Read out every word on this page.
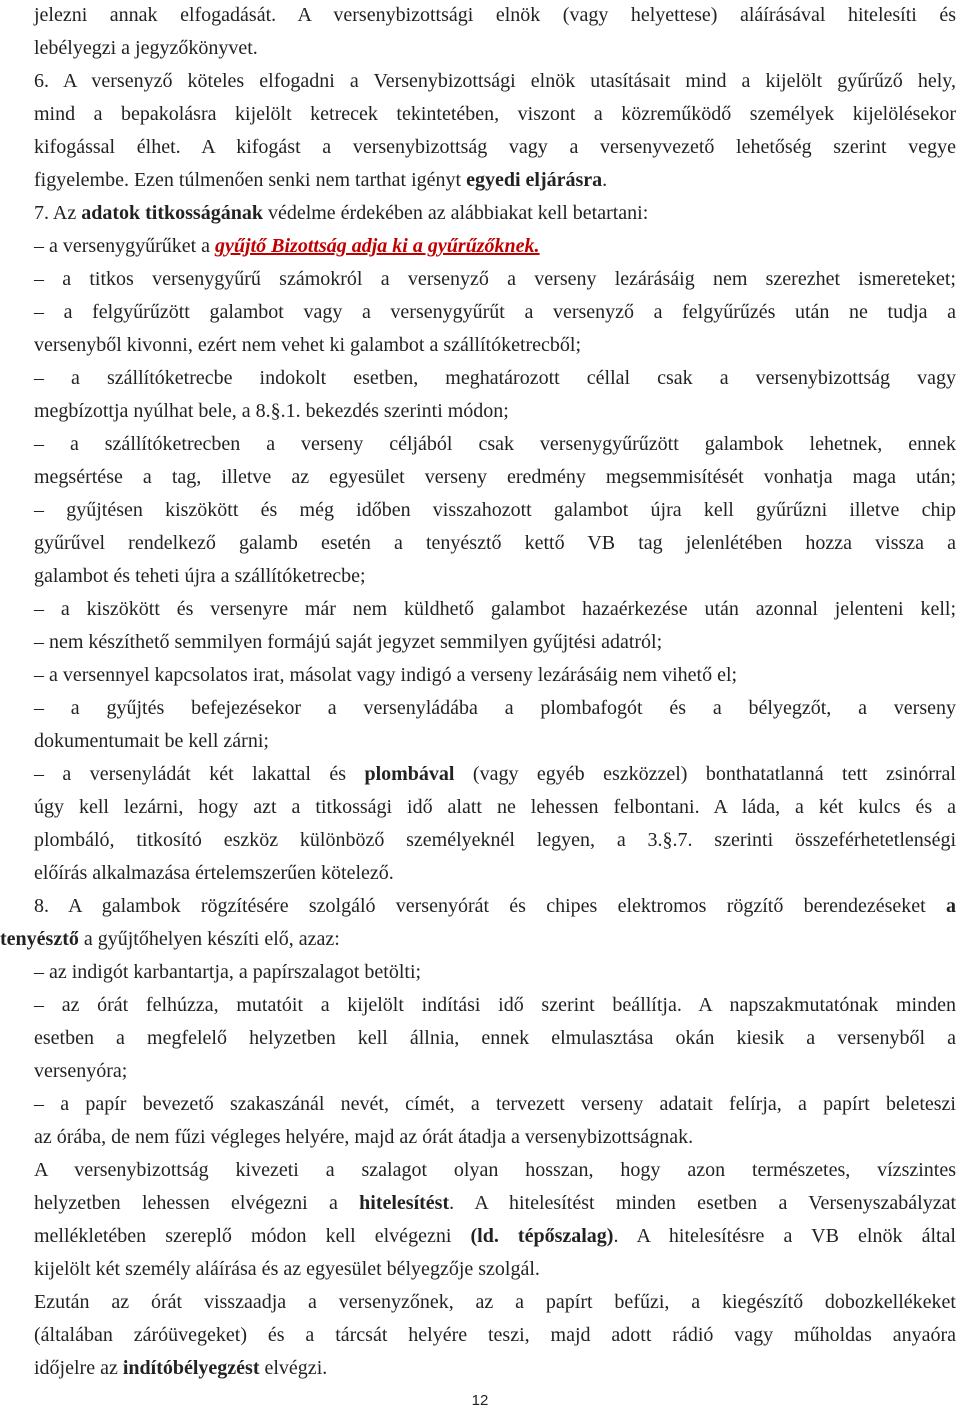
jelezni annak elfogadását. A versenybizottsági elnök (vagy helyettese) aláírásával hitelesíti és
lebélyegzi a jegyzőkönyvet.
6. A versenyző köteles elfogadni a Versenybizottsági elnök utasításait mind a kijelölt gyűrűző hely,
mind a bepakolásra kijelölt ketrecek tekintetében, viszont a közreműködő személyek kijelölésekor
kifogással élhet. A kifogást a versenybizottság vagy a versenyvezető lehetőség szerint vegye
figyelembe. Ezen túlmenően senki nem tarthat igényt egyedi eljárásra.
7. Az adatok titkosságának védelme érdekében az alábbiakat kell betartani:
– a versenygyűrűket a gyűjtő Bizottság adja ki a gyűrűzőknek.
– a titkos versenygyűrű számokról a versenyző a verseny lezárásáig nem szerezhet ismereteket;
– a felgyűrűzött galambot vagy a versenygyűrűt a versenyző a felgyűrűzés után ne tudja a
versenyből kivonni, ezért nem vehet ki galambot a szállítóketrecből;
– a szállítóketrecbe indokolt esetben, meghatározott céllal csak a versenybizottság vagy
megbízottja nyúlhat bele, a 8.§.1. bekezdés szerinti módon;
– a szállítóketrecben a verseny céljából csak versenygyűrűzött galambok lehetnek, ennek
megsértése a tag, illetve az egyesület verseny eredmény megsemmisítését vonhatja maga után;
– gyűjtésen kiszökött és még időben visszahozott galambot újra kell gyűrűzni illetve chip
gyűrűvel rendelkező galamb esetén a tenyésztő kettő VB tag jelenlétében hozza vissza a
galambot és teheti újra a szállítóketrecbe;
– a kiszökött és versenyre már nem küldhető galambot hazaérkezése után azonnal jelenteni kell;
– nem készíthető semmilyen formájú saját jegyzet semmilyen gyűjtési adatról;
– a versennyel kapcsolatos irat, másolat vagy indigó a verseny lezárásáig nem vihető el;
– a gyűjtés befejezésekor a versenyládába a plombafogót és a bélyegzőt, a verseny
dokumentumait be kell zárni;
– a versenyládát két lakattal és plombával (vagy egyéb eszközzel) bonthatatlanná tett zsinórral
úgy kell lezárni, hogy azt a titkossági idő alatt ne lehessen felbontani. A láda, a két kulcs és a
plombáló, titkosító eszköz különböző személyeknél legyen, a 3.§.7. szerinti összeférhetetlenségi
előírás alkalmazása értelemszerűen kötelező.
8. A galambok rögzítésére szolgáló versenyórát és chipes elektromos rögzítő berendezéseket a
tenyésztő a gyűjtőhelyen készíti elő, azaz:
– az indigót karbantartja, a papírszalagot betölti;
– az órát felhúzza, mutatóit a kijelölt indítási idő szerint beállítja. A napszakmutatónak minden
esetben a megfelelő helyzetben kell állnia, ennek elmulasztása okán kiesik a versenyből a
versenyóra;
– a papír bevezető szakaszánál nevét, címét, a tervezett verseny adatait felírja, a papírt beleteszi
az órába, de nem fűzi végleges helyére, majd az órát átadja a versenybizottságnak.
A versenybizottság kivezeti a szalagot olyan hosszan, hogy azon természetes, vízszintes
helyzetben lehessen elvégezni a hitelesítést. A hitelesítést minden esetben a Versenyszabályzat
mellékletében szereplő módon kell elvégezni (ld. tépőszalag). A hitelesítésre a VB elnök által
kijelölt két személy aláírása és az egyesület bélyegzője szolgál.
Ezután az órát visszaadja a versenyzőnek, az a papírt befűzi, a kiegészítő dobozkellékeket
(általában záróüvegeket) és a tárcsát helyére teszi, majd adott rádió vagy műholdas anyaóra
időjelre az indítóbélyegzést elvégzi.
12
